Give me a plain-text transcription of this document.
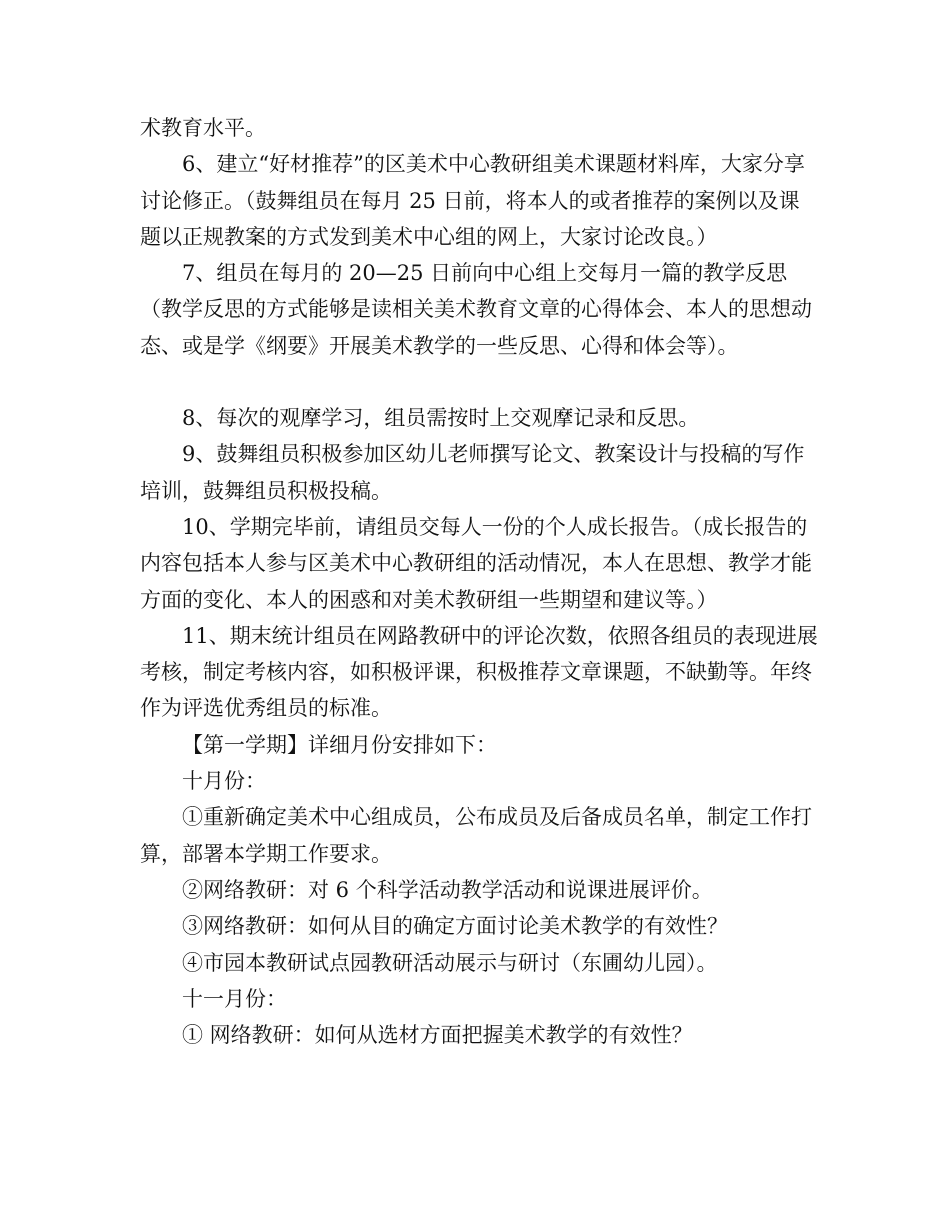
术教育水平。

6、建立“好材推荐”的区美术中心教研组美术课题材料库，大家分享讨论修正。（鼓舞组员在每月 25 日前，将本人的或者推荐的案例以及课题以正规教案的方式发到美术中心组的网上，大家讨论改良。）

7、组员在每月的 20—25 日前向中心组上交每月一篇的教学反思（教学反思的方式能够是读相关美术教育文章的心得体会、本人的思想动态、或是学《纲要》开展美术教学的一些反思、心得和体会等）。

8、每次的观摩学习，组员需按时上交观摩记录和反思。

9、鼓舞组员积极参加区幼儿老师撰写论文、教案设计与投稿的写作培训，鼓舞组员积极投稿。

10、学期完毕前，请组员交每人一份的个人成长报告。（成长报告的内容包括本人参与区美术中心教研组的活动情况，本人在思想、教学才能方面的变化、本人的困惑和对美术教研组一些期望和建议等。）

11、期末统计组员在网路教研中的评论次数，依照各组员的表现进展考核，制定考核内容，如积极评课，积极推荐文章课题，不缺勤等。年终作为评选优秀组员的标准。

【第一学期】详细月份安排如下：

十月份：

①重新确定美术中心组成员，公布成员及后备成员名单，制定工作打算，部署本学期工作要求。

②网络教研：对 6 个科学活动教学活动和说课进展评价。

③网络教研：如何从目的确定方面讨论美术教学的有效性？

④市园本教研试点园教研活动展示与研讨（东圃幼儿园）。

十一月份：

① 网络教研：如何从选材方面把握美术教学的有效性？
